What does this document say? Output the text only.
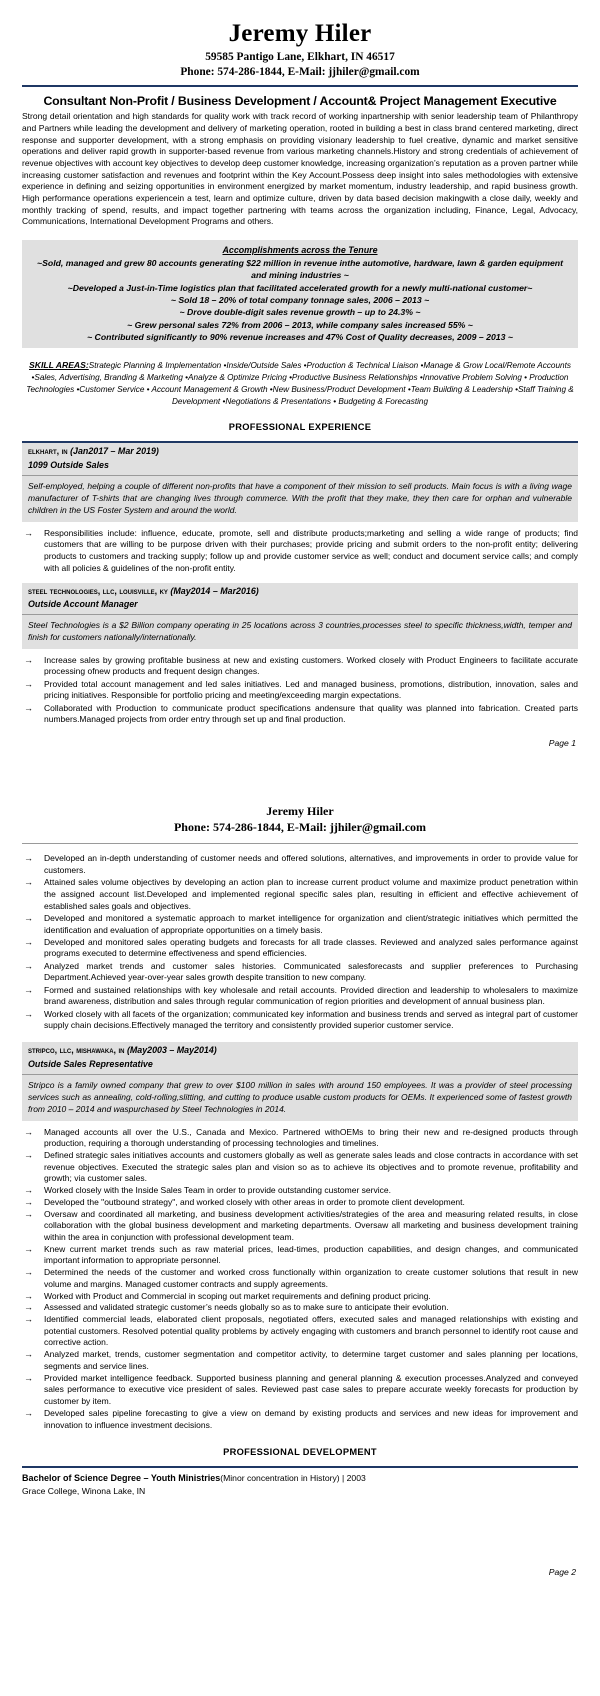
Jeremy Hiler

59585 Pantigo Lane, Elkhart, IN 46517

Phone: 574-286-1844, E-Mail: jjhiler@gmail.com

Consultant Non-Profit / Business Development / Account& Project Management Executive

Strong detail orientation and high standards for quality work with track record of working inpartnership with senior leadership team of Philanthropy and Partners while leading the development and delivery of marketing operation, rooted in building a best in class brand centered marketing, direct response and supporter development, with a strong emphasis on providing visionary leadership to fuel creative, dynamic and market sensitive operations and deliver rapid growth in supporter-based revenue from various marketing channels.History and strong credentials of achievement of revenue objectives with account key objectives to develop deep customer knowledge, increasing organization’s reputation as a proven partner while increasing customer satisfaction and revenues and footprint within the Key Account.Possess deep insight into sales methodologies with extensive experience in defining and seizing opportunities in environment energized by market momentum, industry leadership, and rapid business growth. High performance operations experiencein a test, learn and optimize culture, driven by data based decision makingwith a close daily, weekly and monthly tracking of spend, results, and impact together partnering with teams across the organization including, Finance, Legal, Advocacy, Communications, International Development Programs and others.

Accomplishments across the Tenure

~Sold, managed and grew 80 accounts generating $22 million in revenue inthe automotive, hardware, lawn & garden equipment and mining industries ~

~Developed a Just-in-Time logistics plan that facilitated accelerated growth for a newly multi-national customer~

~ Sold 18 – 20% of total company tonnage sales, 2006 – 2013 ~

~ Drove double-digit sales revenue growth – up to 24.3% ~

~ Grew personal sales 72% from 2006 – 2013, while company sales increased 55% ~

~ Contributed significantly to 90% revenue increases and 47% Cost of Quality decreases, 2009 – 2013 ~

SKILL AREAS:Strategic Planning & Implementation •Inside/Outside Sales •Production & Technical Liaison •Manage & Grow Local/Remote Accounts •Sales, Advertising, Branding & Marketing •Analyze & Optimize Pricing •Productive Business Relationships •Innovative Problem Solving • Production Technologies •Customer Service • Account Management & Growth •New Business/Product Development •Team Building & Leadership •Staff Training & Development •Negotiations & Presentations • Budgeting & Forecasting
PROFESSIONAL EXPERIENCE

elkhart, in (Jan2017 – Mar 2019)

1099 Outside Sales

Self-employed, helping a couple of different non-profits that have a component of their mission to sell products. Main focus is with a living wage manufacturer of T-shirts that are changing lives through commerce. With the profit that they make, they then care for orphan and vulnerable children in the US Foster System and around the world.

→ Responsibilities include: influence, educate, promote, sell and distribute products;marketing and selling a wide range of products; find customers that are willing to be purpose driven with their purchases; provide pricing and submit orders to the non-profit entity; delivering products to customers and tracking supply; follow up and provide customer service as well; conduct and document service calls; and comply with all policies & guidelines of the non-profit entity.

steel technologies, llc, louisville, ky (May2014 – Mar2016)

Outside Account Manager

Steel Technologies is a $2 Billion company operating in 25 locations across 3 countries,processes steel to specific thickness,width, temper and finish for customers nationally/internationally.

→ Increase sales by growing profitable business at new and existing customers. Worked closely with Product Engineers to facilitate accurate processing ofnew products and frequent design changes.
→ Provided total account management and led sales initiatives. Led and managed business, promotions, distribution, innovation, sales and pricing initiatives. Responsible for portfolio pricing and meeting/exceeding margin expectations.
→ Collaborated with Production to communicate product specifications andensure that quality was planned into fabrication. Created parts numbers.Managed projects from order entry through set up and final production.
Page 1

Jeremy Hiler

Phone: 574-286-1844, E-Mail: jjhiler@gmail.com

→ Developed an in-depth understanding of customer needs and offered solutions, alternatives, and improvements in order to provide value for customers.
→ Attained sales volume objectives by developing an action plan to increase current product volume and maximize product penetration within the assigned account list.Developed and implemented regional specific sales plan, resulting in efficient and effective achievement of established sales goals and objectives.
→ Developed and monitored a systematic approach to market intelligence for organization and client/strategic initiatives which permitted the identification and evaluation of appropriate opportunities on a timely basis.
→ Developed and monitored sales operating budgets and forecasts for all trade classes. Reviewed and analyzed sales performance against programs executed to determine effectiveness and spend efficiencies.
→ Analyzed market trends and customer sales histories. Communicated salesforecasts and supplier preferences to Purchasing Department.Achieved year-over-year sales growth despite transition to new company.
→ Formed and sustained relationships with key wholesale and retail accounts. Provided direction and leadership to wholesalers to maximize brand awareness, distribution and sales through regular communication of region priorities and development of annual business plan.
→ Worked closely with all facets of the organization; communicated key information and business trends and served as integral part of customer supply chain decisions.Effectively managed the territory and consistently provided superior customer service.

stripco, llc, mishawaka, in (May2003 – May2014)

Outside Sales Representative

Stripco is a family owned company that grew to over $100 million in sales with around 150 employees. It was a provider of steel processing services such as annealing, cold-rolling,slitting, and cutting to produce usable custom products for OEMs. It experienced some of fastest growth from 2010 – 2014 and waspurchased by Steel Technologies in 2014.

→ Managed accounts all over the U.S., Canada and Mexico. Partnered withOEMs to bring their new and re-designed products through production, requiring a thorough understanding of processing technologies and timelines.
→ Defined strategic sales initiatives accounts and customers globally as well as generate sales leads and close contracts in accordance with set revenue objectives. Executed the strategic sales plan and vision so as to achieve its objectives and to promote revenue, profitability and growth; via customer sales.
→ Worked closely with the Inside Sales Team in order to provide outstanding customer service.
→ Developed the "outbound strategy", and worked closely with other areas in order to promote client development.
→ Oversaw and coordinated all marketing, and business development activities/strategies of the area and measuring related results, in close collaboration with the global business development and marketing departments. Oversaw all marketing and business development training within the area in conjunction with professional development team.
→ Knew current market trends such as raw material prices, lead-times, production capabilities, and design changes, and communicated important information to appropriate personnel.
→ Determined the needs of the customer and worked cross functionally within organization to create customer solutions that result in new volume and margins. Managed customer contracts and supply agreements.
→ Worked with Product and Commercial in scoping out market requirements and defining product pricing.
→ Assessed and validated strategic customer’s needs globally so as to make sure to anticipate their evolution.
→ Identified commercial leads, elaborated client proposals, negotiated offers, executed sales and managed relationships with existing and potential customers. Resolved potential quality problems by actively engaging with customers and branch personnel to identify root cause and corrective action.
→ Analyzed market, trends, customer segmentation and competitor activity, to determine target customer and sales planning per locations, segments and service lines.
→ Provided market intelligence feedback. Supported business planning and general planning & execution processes.Analyzed and conveyed sales performance to executive vice president of sales. Reviewed past case sales to prepare accurate weekly forecasts for production by customer by item.
→ Developed sales pipeline forecasting to give a view on demand by existing products and services and new ideas for improvement and innovation to influence investment decisions.
PROFESSIONAL DEVELOPMENT

Bachelor of Science Degree – Youth Ministries(Minor concentration in History) | 2003

Grace College, Winona Lake, IN

Page 2
